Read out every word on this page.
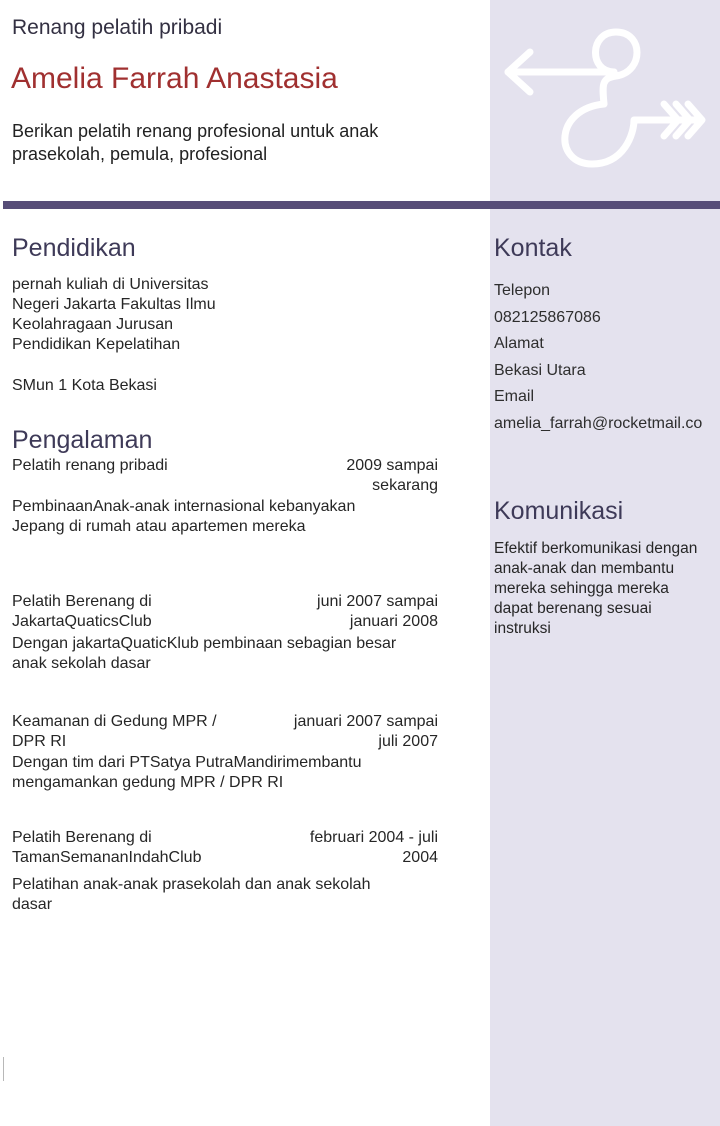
Renang pelatih pribadi
Amelia Farrah Anastasia
Berikan pelatih renang profesional untuk anak prasekolah, pemula, profesional
Pendidikan
pernah kuliah di Universitas
Negeri Jakarta Fakultas Ilmu
Keolahragaan Jurusan
Pendidikan Kepelatihan
SMun 1 Kota Bekasi
Pengalaman
Pelatih renang pribadi	2009 sampai
sekarang
PembinaanAnak-anak internasional kebanyakan
Jepang di rumah atau apartemen mereka
Pelatih Berenang di
JakartaQuaticsClub
juni 2007 sampai
januari 2008
Dengan jakartaQuaticKlub pembinaan sebagian besar
anak sekolah dasar
Keamanan di Gedung MPR /
DPR RI
januari 2007 sampai
juli 2007
Dengan tim dari PTSatya PutraMandirimembantu
mengamankan gedung MPR / DPR RI
Pelatih Berenang di
TamanSemananIndahClub
februari 2004 - juli
2004
Pelatihan anak-anak prasekolah dan anak sekolah
dasar
Kontak
Telepon
082125867086
Alamat
Bekasi Utara
Email
amelia_farrah@rocketmail.co
Komunikasi
Efektif berkomunikasi dengan
anak-anak dan membantu
mereka sehingga mereka
dapat berenang sesuai
instruksi
